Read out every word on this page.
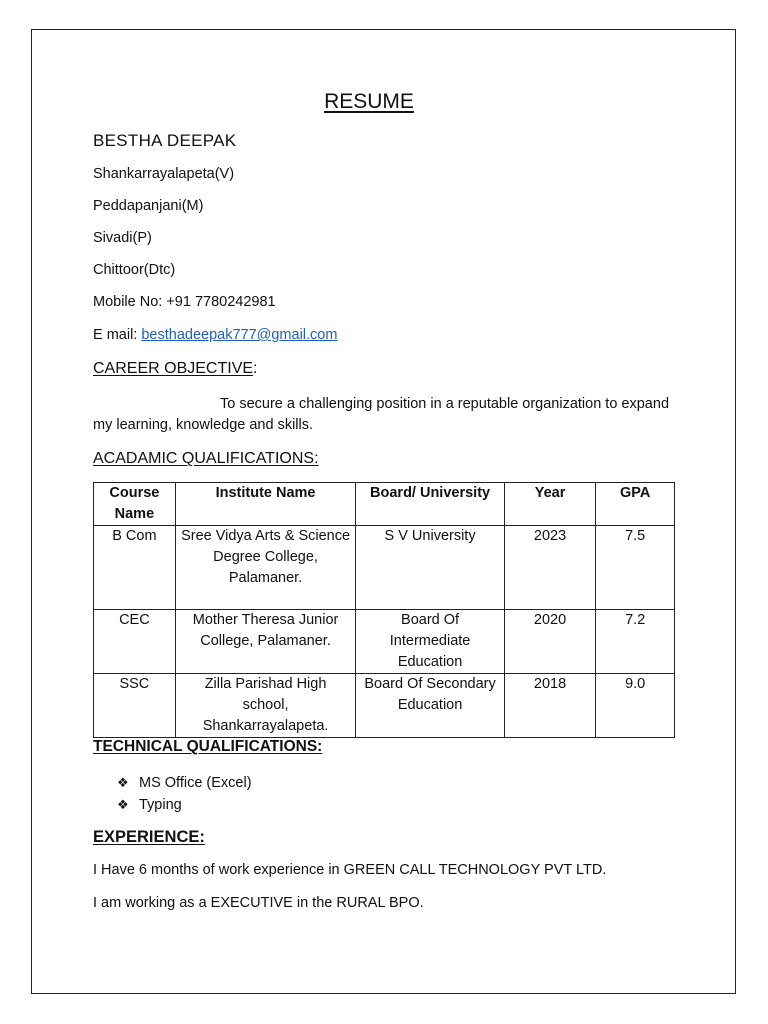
RESUME
BESTHA DEEPAK
Shankarrayalapeta(V)
Peddapanjani(M)
Sivadi(P)
Chittoor(Dtc)
Mobile No: +91 7780242981
E mail: besthadeepak777@gmail.com
CAREER OBJECTIVE:
To secure a challenging position in a reputable organization to expand my learning, knowledge and skills.
ACADAMIC QUALIFICATIONS:
Course Name	Institute Name	Board/ University	Year	GPA
B Com	Sree Vidya Arts & Science Degree College, Palamaner.	S V University	2023	7.5
CEC	Mother Theresa Junior College, Palamaner.	Board Of Intermediate Education	2020	7.2
SSC	Zilla Parishad High school, Shankarrayalapeta.	Board Of Secondary Education	2018	9.0
TECHNICAL QUALIFICATIONS:
❖ MS Office (Excel)
❖ Typing
EXPERIENCE:
I Have 6 months of work experience in GREEN CALL TECHNOLOGY PVT LTD.
I am working as a EXECUTIVE in the RURAL BPO.
